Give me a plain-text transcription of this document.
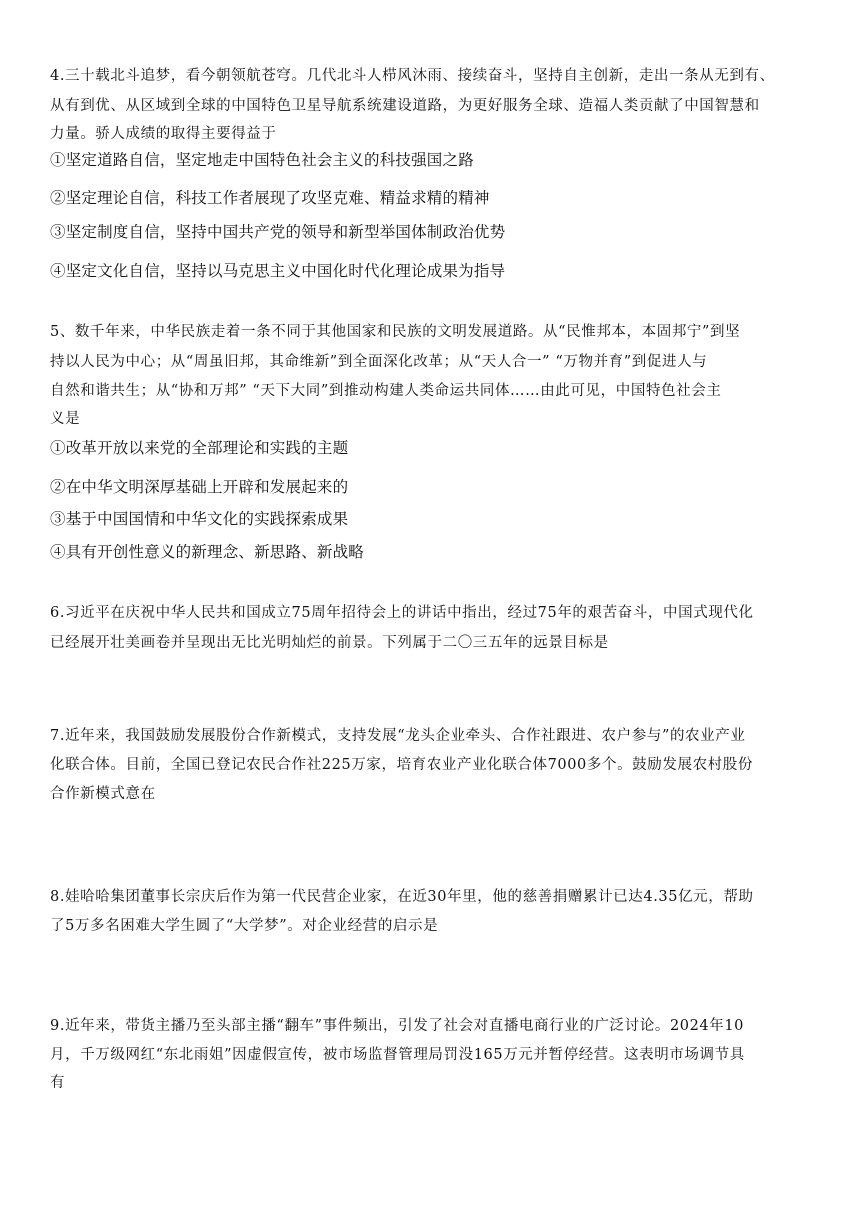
4.三十载北斗追梦，看今朝领航苍穹。几代北斗人栉风沐雨、接续奋斗，坚持自主创新，走出一条从无到有、
从有到优、从区域到全球的中国特色卫星导航系统建设道路，为更好服务全球、造福人类贡献了中国智慧和
力量。骄人成绩的取得主要得益于
①坚定道路自信，坚定地走中国特色社会主义的科技强国之路
②坚定理论自信，科技工作者展现了攻坚克难、精益求精的精神
③坚定制度自信，坚持中国共产党的领导和新型举国体制政治优势
④坚定文化自信，坚持以马克思主义中国化时代化理论成果为指导
5、数千年来，中华民族走着一条不同于其他国家和民族的文明发展道路。从“民惟邦本，本固邦宁”到坚
持以人民为中心；从“周虽旧邦，其命维新”到全面深化改革；从“天人合一” “万物并育”到促进人与
自然和谐共生；从“协和万邦” “天下大同”到推动构建人类命运共同体……由此可见，中国特色社会主
义是
①改革开放以来党的全部理论和实践的主题
②在中华文明深厚基础上开辟和发展起来的
③基于中国国情和中华文化的实践探索成果
④具有开创性意义的新理念、新思路、新战略
6.习近平在庆祝中华人民共和国成立75周年招待会上的讲话中指出，经过75年的艰苦奋斗，中国式现代化
已经展开壮美画卷并呈现出无比光明灿烂的前景。下列属于二〇三五年的远景目标是
7.近年来，我国鼓励发展股份合作新模式，支持发展“龙头企业牵头、合作社跟进、农户参与”的农业产业
化联合体。目前，全国已登记农民合作社225万家，培育农业产业化联合体7000多个。鼓励发展农村股份
合作新模式意在
8.娃哈哈集团董事长宗庆后作为第一代民营企业家，在近30年里，他的慈善捐赠累计已达4.35亿元，帮助
了5万多名困难大学生圆了“大学梦”。对企业经营的启示是
9.近年来，带货主播乃至头部主播“翻车”事件频出，引发了社会对直播电商行业的广泛讨论。2024年10
月，千万级网红“东北雨姐”因虚假宣传，被市场监督管理局罚没165万元并暂停经营。这表明市场调节具
有
